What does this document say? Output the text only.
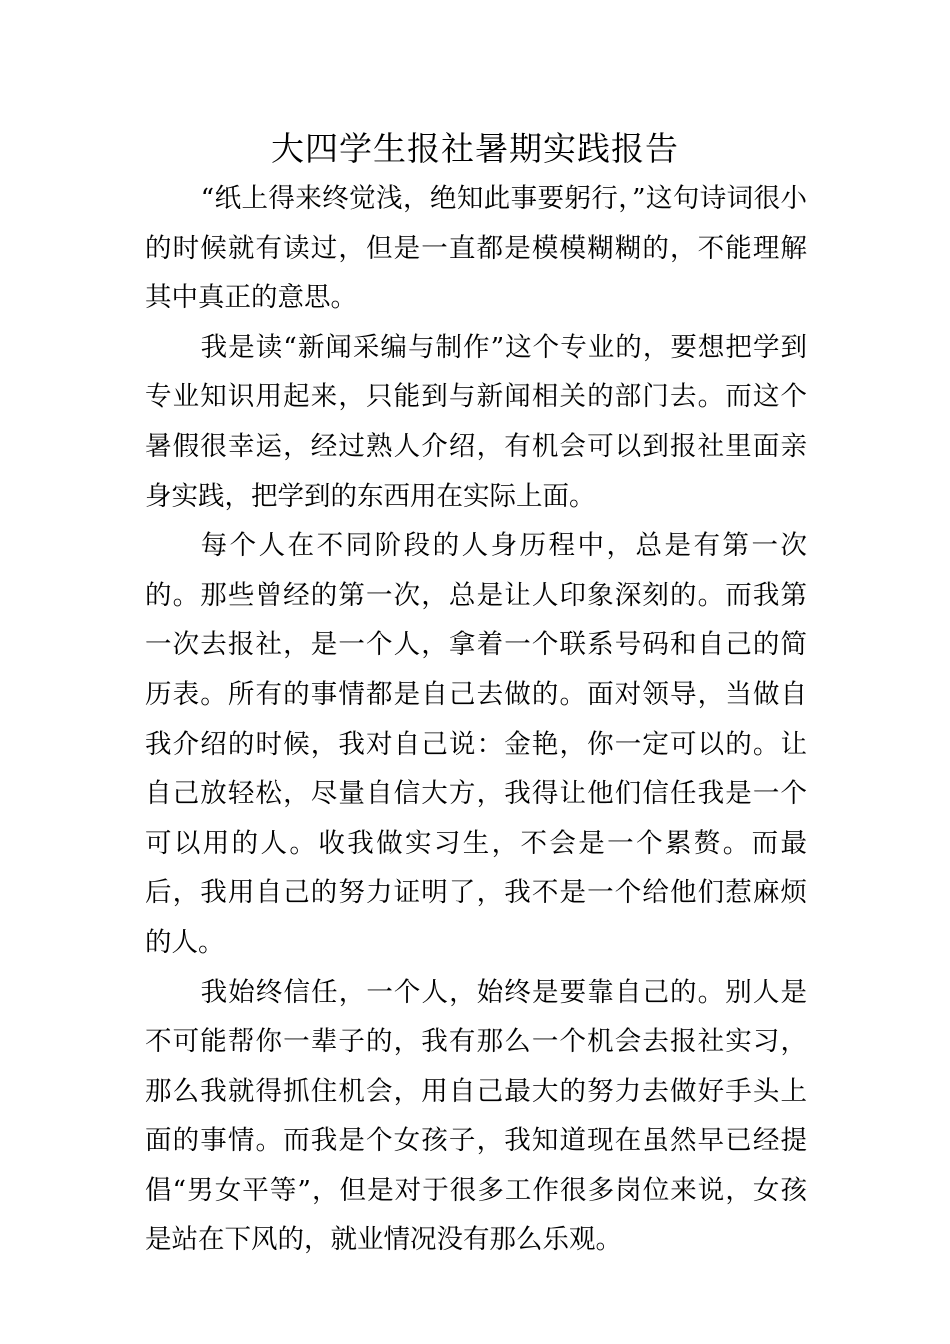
大四学生报社暑期实践报告

“纸上得来终觉浅，绝知此事要躬行，”这句诗词很小的时候就有读过，但是一直都是模模糊糊的，不能理解其中真正的意思。

我是读“新闻采编与制作”这个专业的，要想把学到专业知识用起来，只能到与新闻相关的部门去。而这个暑假很幸运，经过熟人介绍，有机会可以到报社里面亲身实践，把学到的东西用在实际上面。

每个人在不同阶段的人身历程中，总是有第一次的。那些曾经的第一次，总是让人印象深刻的。而我第一次去报社，是一个人，拿着一个联系号码和自己的简历表。所有的事情都是自己去做的。面对领导，当做自我介绍的时候，我对自己说：金艳，你一定可以的。让自己放轻松，尽量自信大方，我得让他们信任我是一个可以用的人。收我做实习生，不会是一个累赘。而最后，我用自己的努力证明了，我不是一个给他们惹麻烦的人。

我始终信任，一个人，始终是要靠自己的。别人是不可能帮你一辈子的，我有那么一个机会去报社实习，那么我就得抓住机会，用自己最大的努力去做好手头上面的事情。而我是个女孩子，我知道现在虽然早已经提倡“男女平等”，但是对于很多工作很多岗位来说，女孩是站在下风的，就业情况没有那么乐观。
